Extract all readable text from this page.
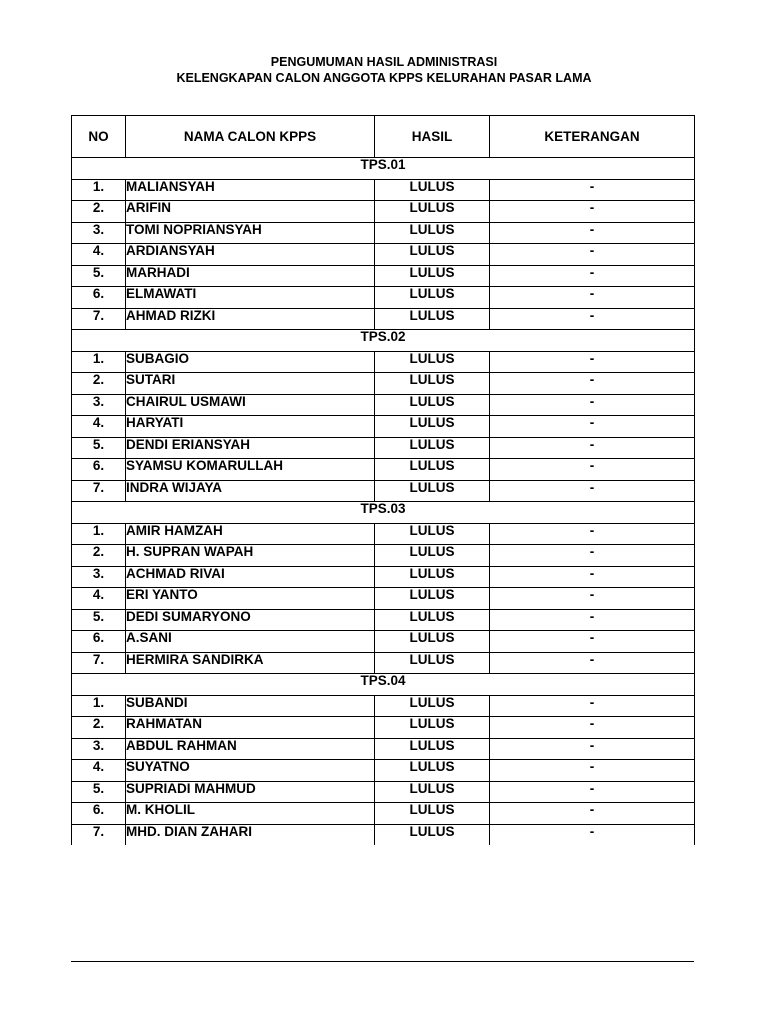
PENGUMUMAN HASIL ADMINISTRASI
KELENGKAPAN CALON ANGGOTA KPPS KELURAHAN PASAR LAMA
NO	NAMA CALON KPPS	HASIL	KETERANGAN
TPS.01			
1.	MALIANSYAH	LULUS	-
2.	ARIFIN	LULUS	-
3.	TOMI NOPRIANSYAH	LULUS	-
4.	ARDIANSYAH	LULUS	-
5.	MARHADI	LULUS	-
6.	ELMAWATI	LULUS	-
7.	AHMAD RIZKI	LULUS	-
TPS.02			
1.	SUBAGIO	LULUS	-
2.	SUTARI	LULUS	-
3.	CHAIRUL USMAWI	LULUS	-
4.	HARYATI	LULUS	-
5.	DENDI ERIANSYAH	LULUS	-
6.	SYAMSU KOMARULLAH	LULUS	-
7.	INDRA WIJAYA	LULUS	-
TPS.03			
1.	AMIR HAMZAH	LULUS	-
2.	H. SUPRAN WAPAH	LULUS	-
3.	ACHMAD RIVAI	LULUS	-
4.	ERI YANTO	LULUS	-
5.	DEDI SUMARYONO	LULUS	-
6.	A.SANI	LULUS	-
7.	HERMIRA SANDIRKA	LULUS	-
TPS.04			
1.	SUBANDI	LULUS	-
2.	RAHMATAN	LULUS	-
3.	ABDUL RAHMAN	LULUS	-
4.	SUYATNO	LULUS	-
5.	SUPRIADI MAHMUD	LULUS	-
6.	M. KHOLIL	LULUS	-
7.	MHD. DIAN ZAHARI	LULUS	-
